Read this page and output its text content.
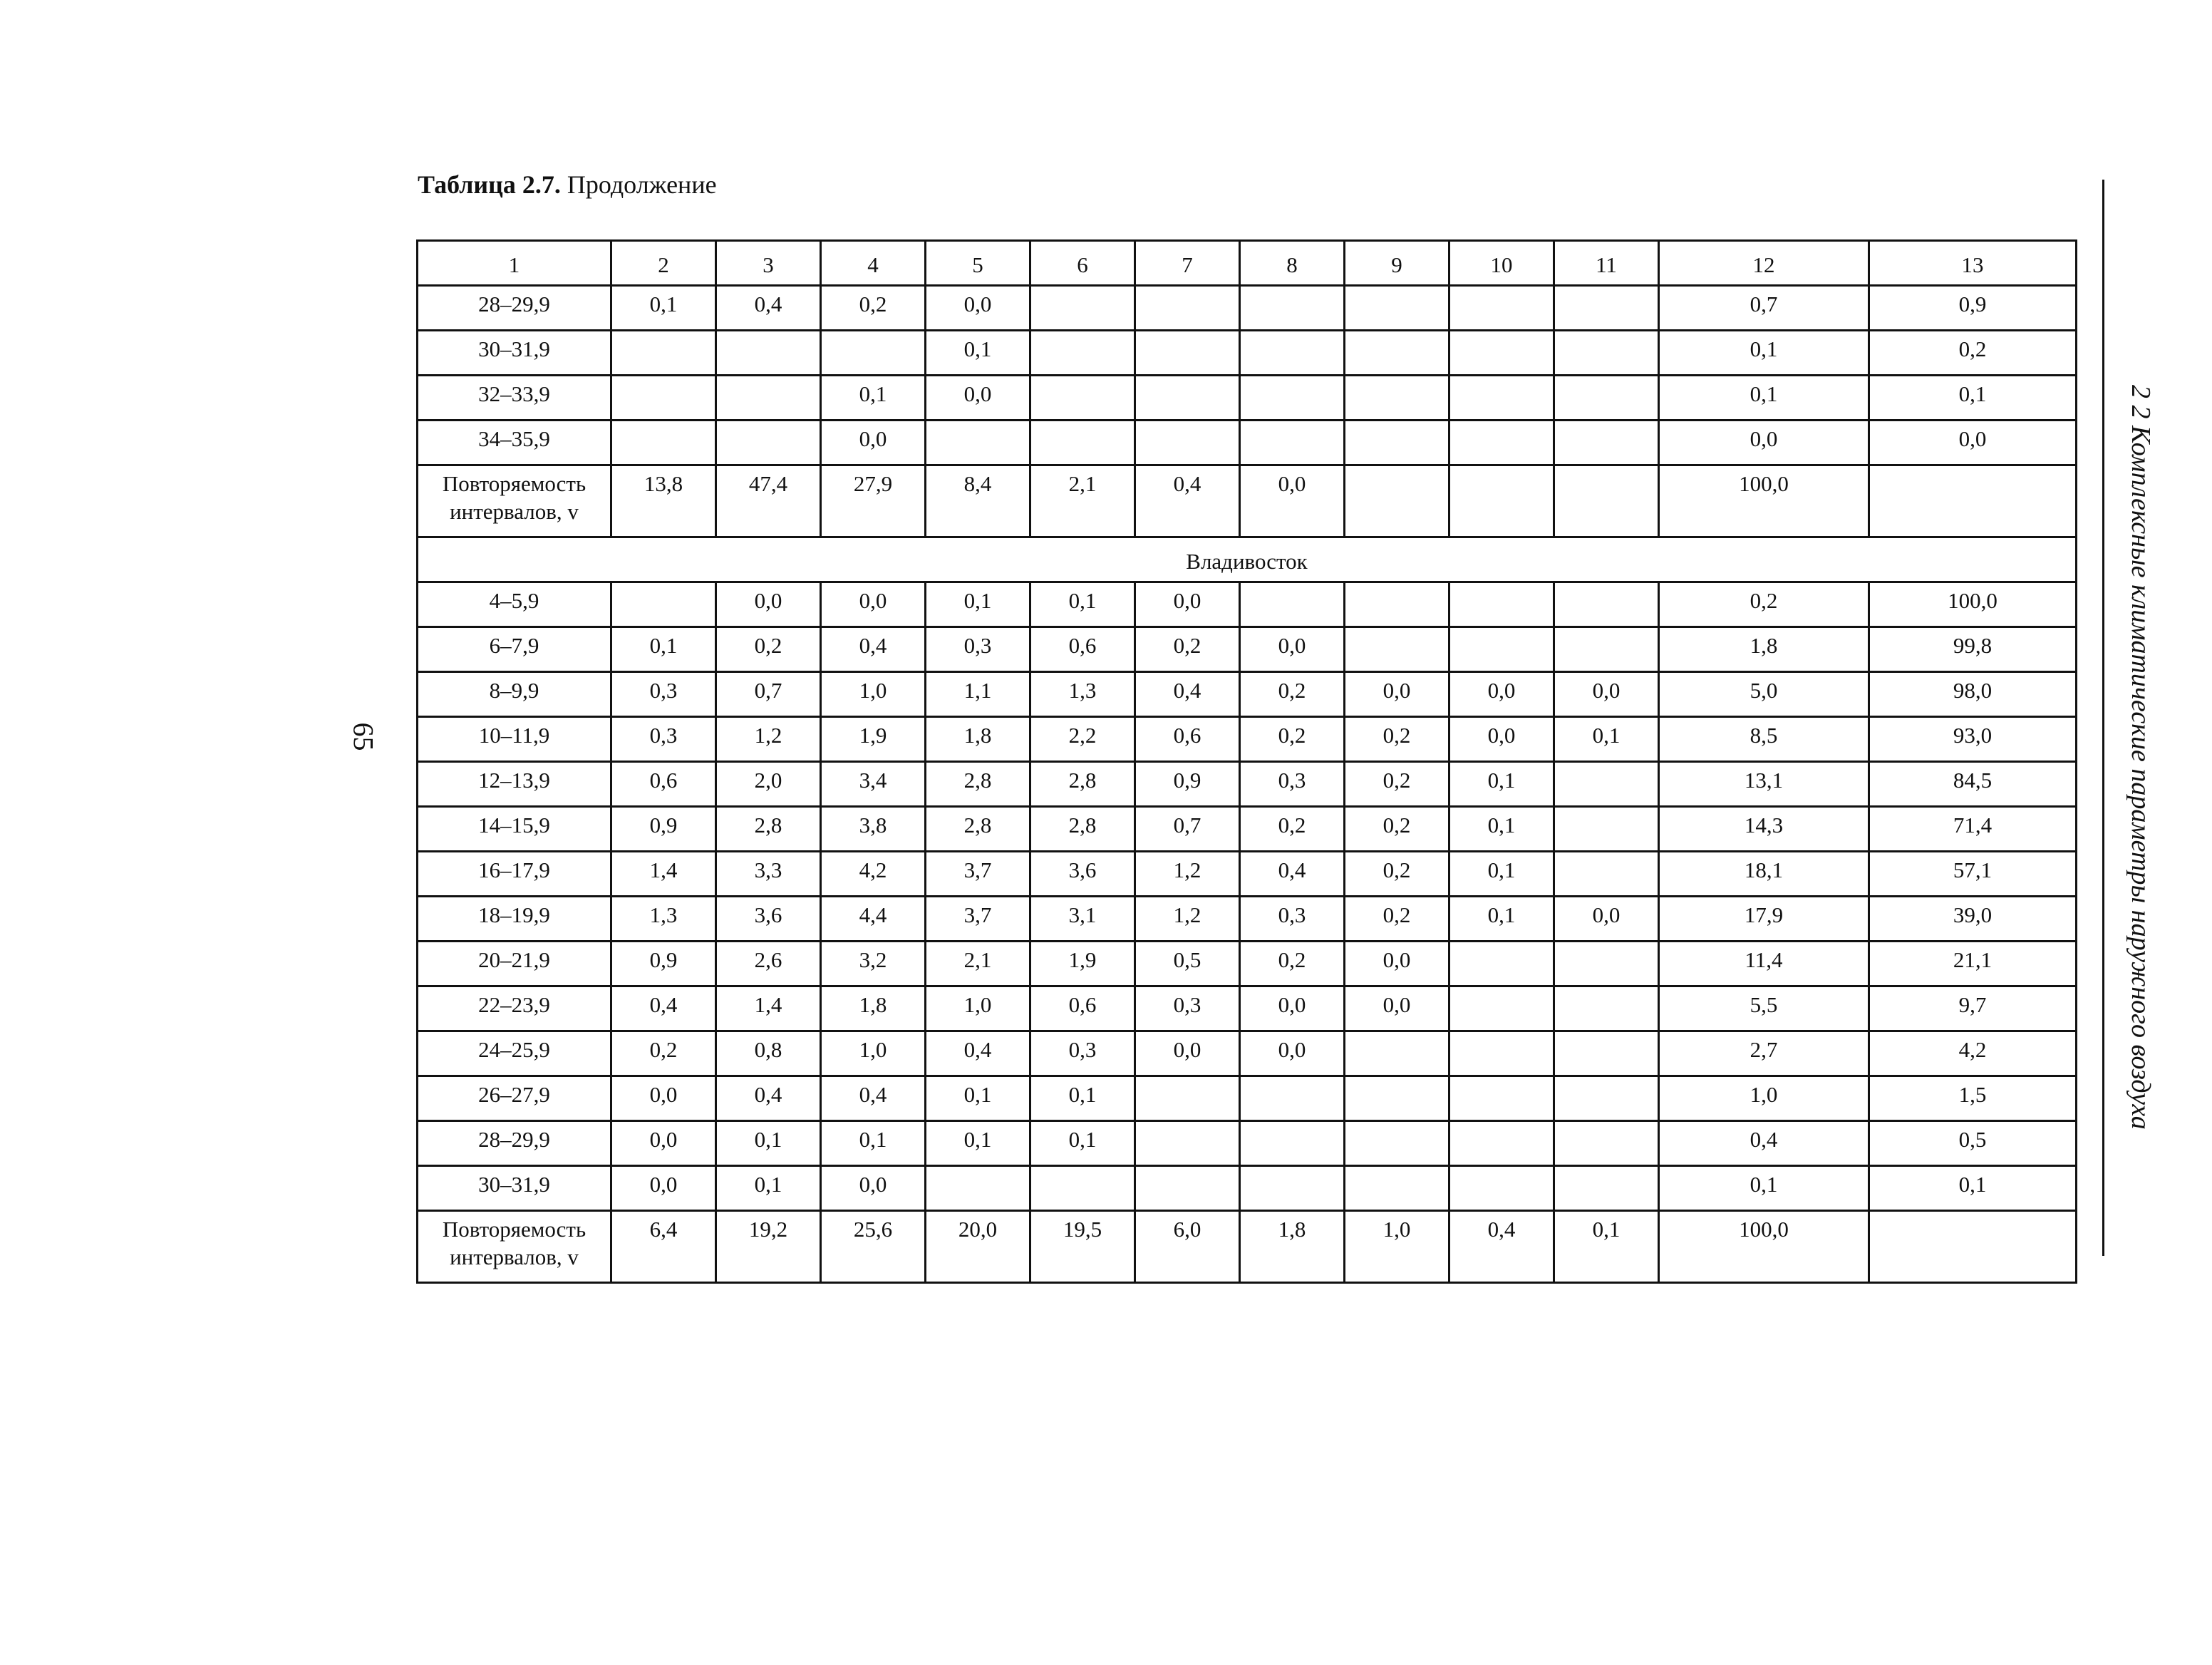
Таблица 2.7. Продолжение
65	2 2 Комплексные климатические параметры наружного воздуха
1	2	3	4	5	6	7	8	9	10	11	12	13
28–29,9	0,1	0,4	0,2	0,0							0,7	0,9
30–31,9				0,1							0,1	0,2
32–33,9			0,1	0,0							0,1	0,1
34–35,9			0,0								0,0	0,0
Повторяемость интервалов, v	13,8	47,4	27,9	8,4	2,1	0,4	0,0				100,0	
Владивосток												
4–5,9		0,0	0,0	0,1	0,1	0,0					0,2	100,0
6–7,9	0,1	0,2	0,4	0,3	0,6	0,2	0,0				1,8	99,8
8–9,9	0,3	0,7	1,0	1,1	1,3	0,4	0,2	0,0	0,0	0,0	5,0	98,0
10–11,9	0,3	1,2	1,9	1,8	2,2	0,6	0,2	0,2	0,0	0,1	8,5	93,0
12–13,9	0,6	2,0	3,4	2,8	2,8	0,9	0,3	0,2	0,1		13,1	84,5
14–15,9	0,9	2,8	3,8	2,8	2,8	0,7	0,2	0,2	0,1		14,3	71,4
16–17,9	1,4	3,3	4,2	3,7	3,6	1,2	0,4	0,2	0,1		18,1	57,1
18–19,9	1,3	3,6	4,4	3,7	3,1	1,2	0,3	0,2	0,1	0,0	17,9	39,0
20–21,9	0,9	2,6	3,2	2,1	1,9	0,5	0,2	0,0			11,4	21,1
22–23,9	0,4	1,4	1,8	1,0	0,6	0,3	0,0	0,0			5,5	9,7
24–25,9	0,2	0,8	1,0	0,4	0,3	0,0	0,0				2,7	4,2
26–27,9	0,0	0,4	0,4	0,1	0,1						1,0	1,5
28–29,9	0,0	0,1	0,1	0,1	0,1						0,4	0,5
30–31,9	0,0	0,1	0,0								0,1	0,1
Повторяемость интервалов, v	6,4	19,2	25,6	20,0	19,5	6,0	1,8	1,0	0,4	0,1	100,0	
